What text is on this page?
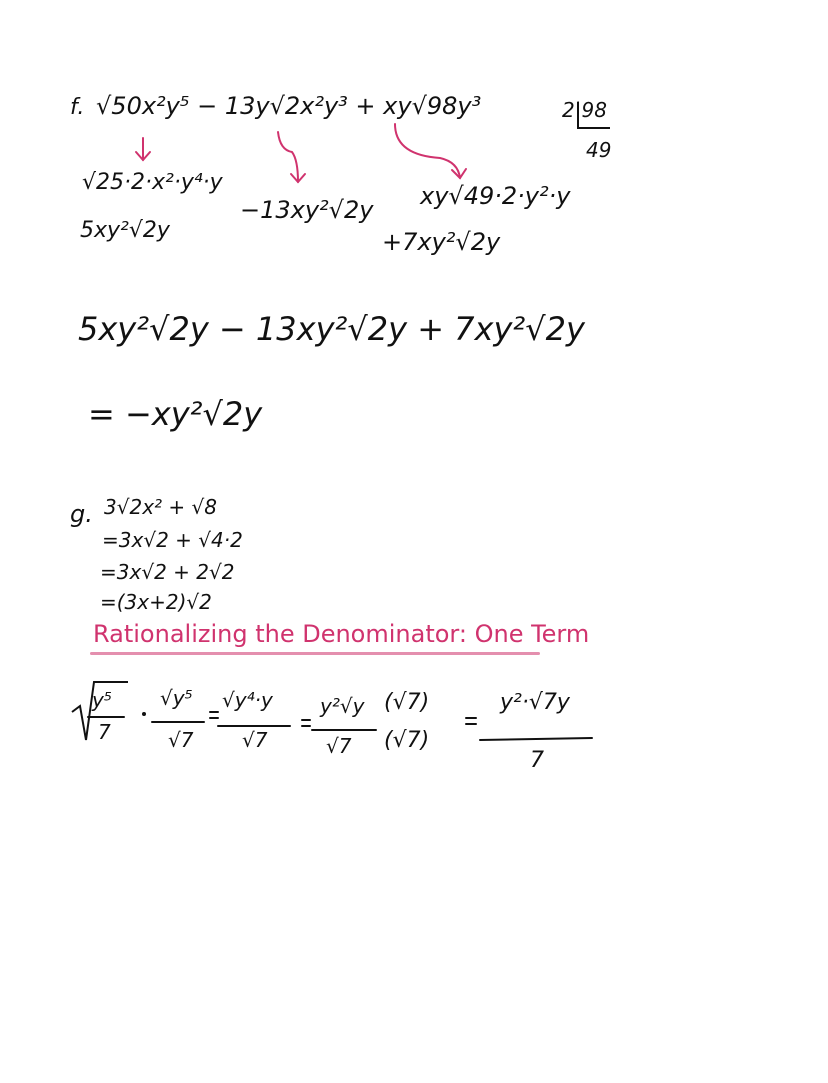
f. √50x²y⁵ − 13y√2x²y³ + xy√98y³	2|98
49
√25·2·x²·y⁴·y
5xy²√2y
−13xy²√2y xy√49·2·y²·y
+7xy²√2y
5xy²√2y − 13xy²√2y + 7xy²√2y
= −xy²√2y
g. 3√2x² + √8
=3x√2 + √4·2
=3x√2 + 2√2
=(3x+2)√2
Rationalizing the Denominator: One Term
y⁵
7
√y⁵
√7
√y⁴·y
√7
y²√y
√7
(√7)
(√7)
y²·√7y
7
